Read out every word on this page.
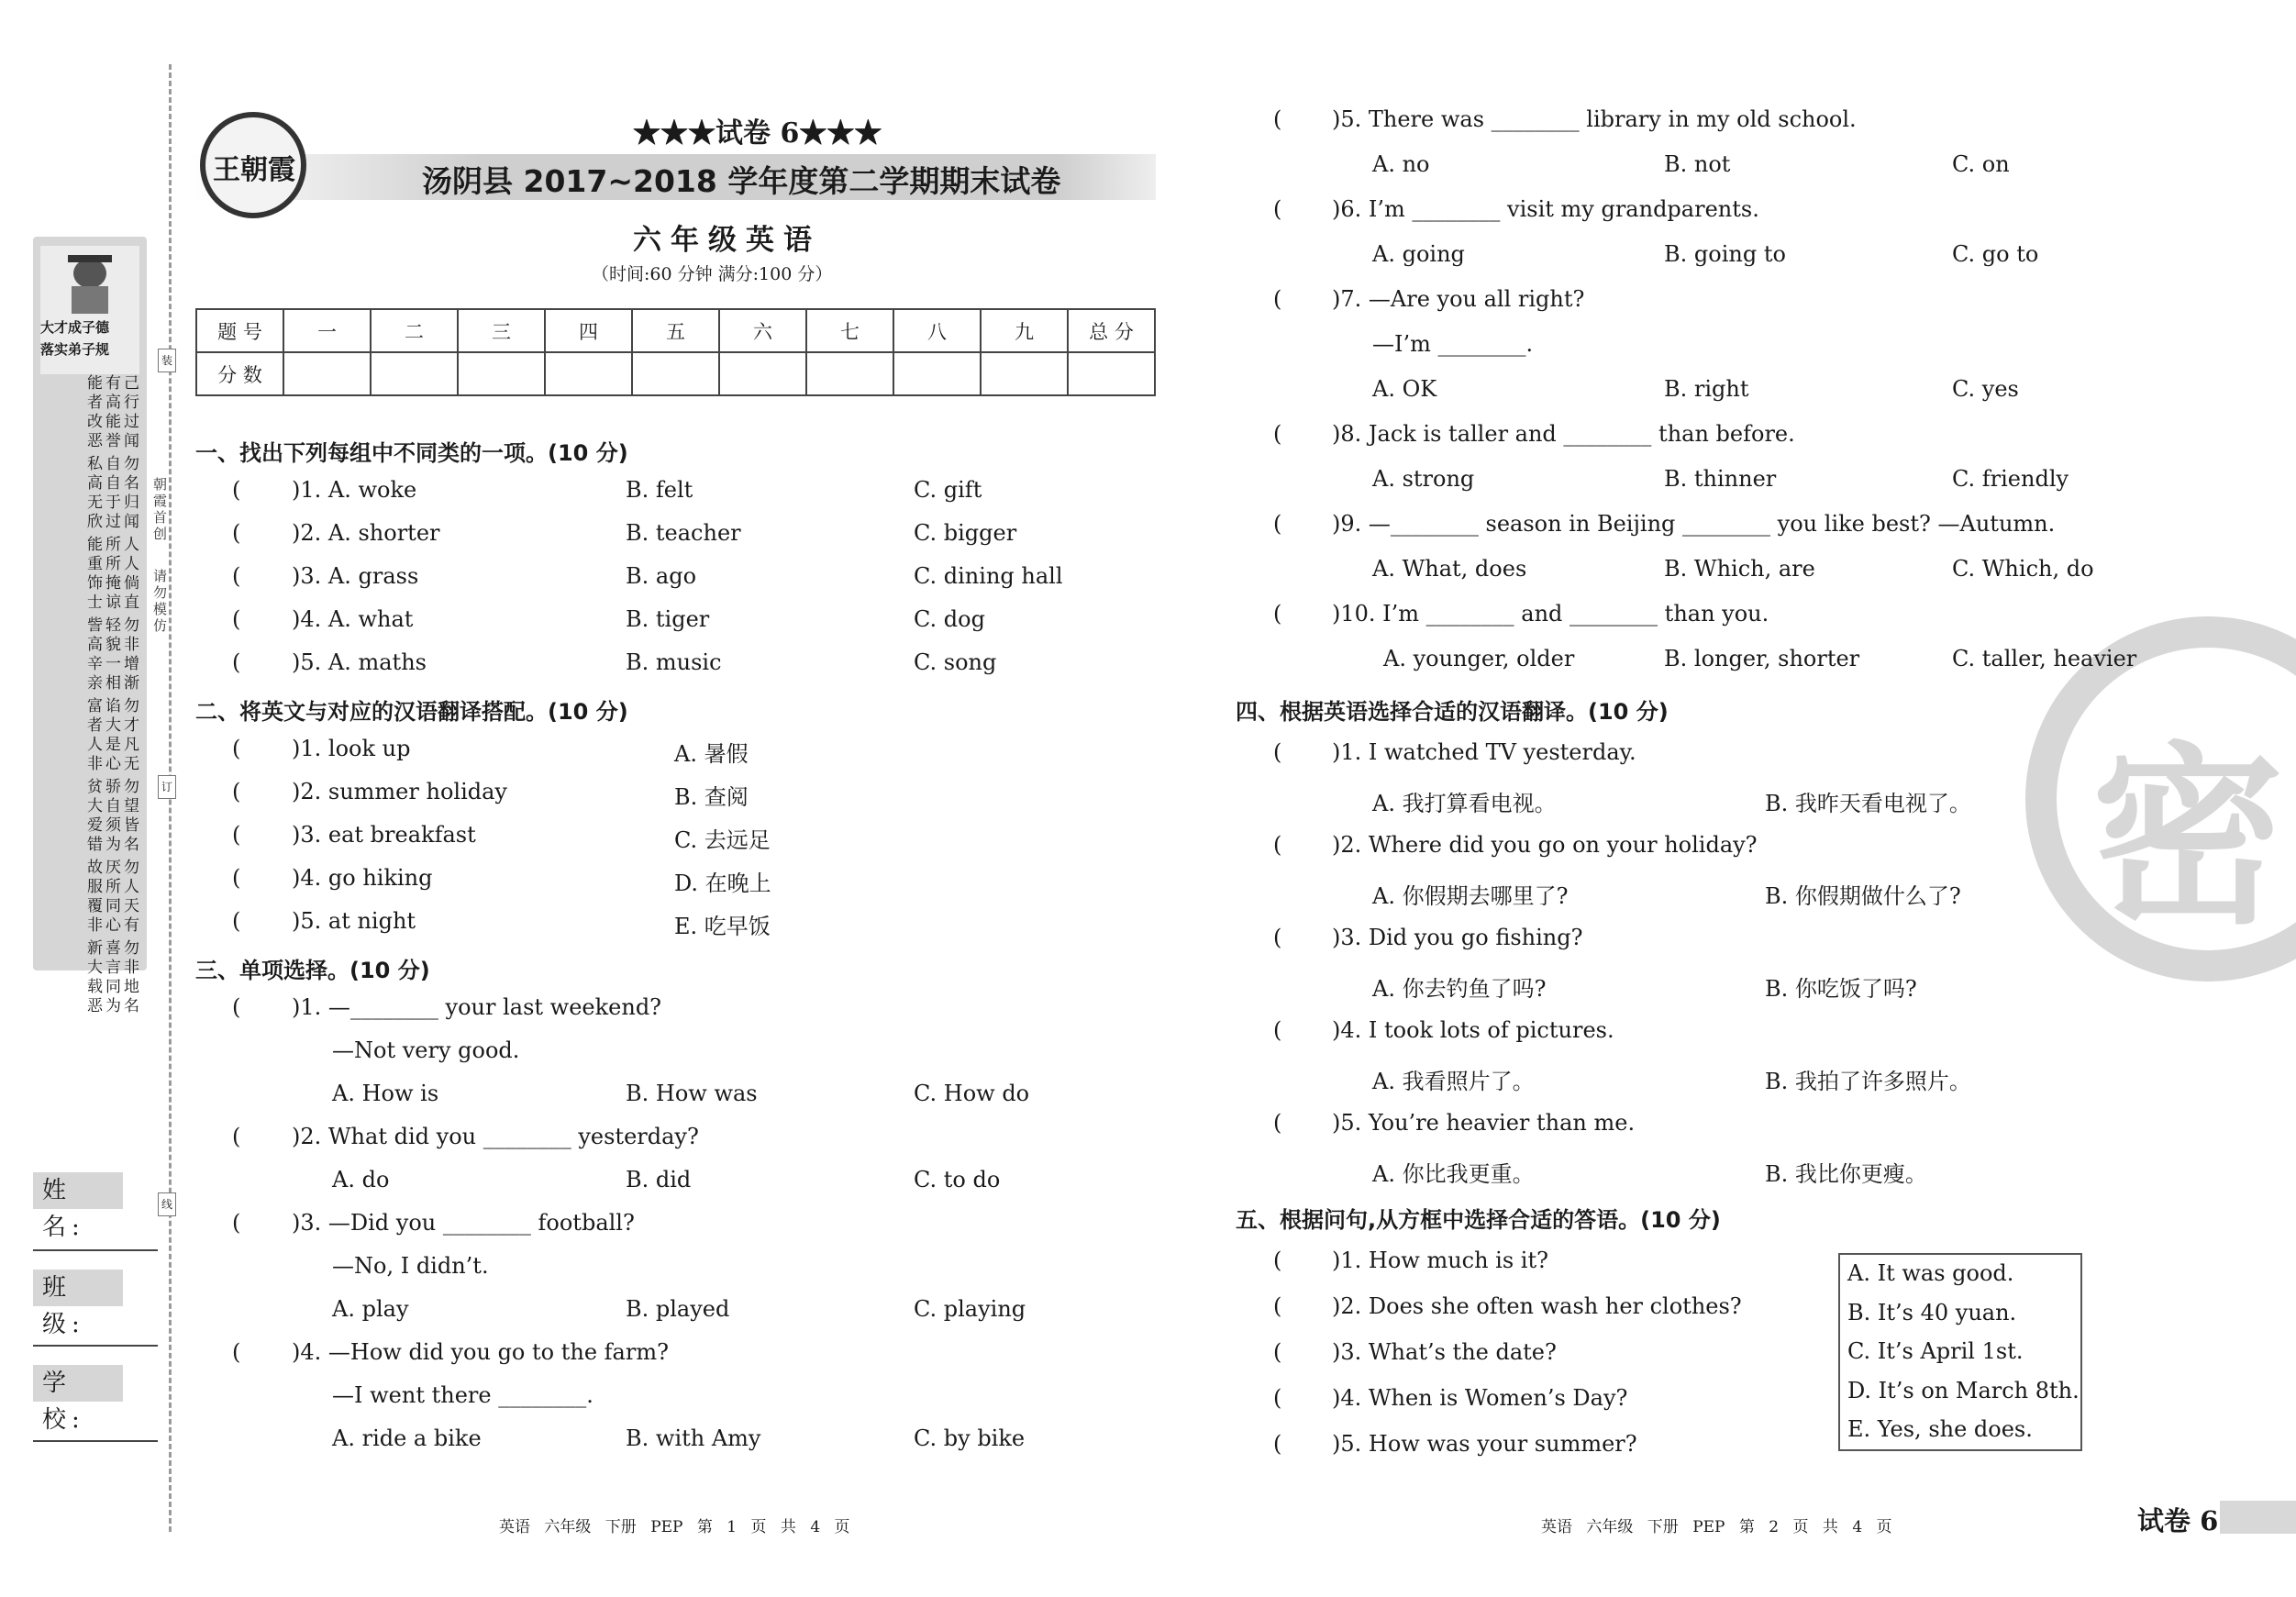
大才成子德
落实弟子规
己行过闻
有高能誉
能者改恶
勿名归闻
自自于过
私高无欣
人人倘直
所所掩谅
能重饰士
勿非增渐
轻貌一相
訾高辛亲
勿才凡无
谄大是心
富者人非
勿望皆名
骄自须为
贫大爱错
勿人天有
厌所同心
故服覆非
勿非地名
喜言同为
新大载恶
朝霞首创
请勿模仿
装
订
线
姓 名:
班 级:
学 校:
王朝霞
★★★试卷 6★★★
汤阴县 2017~2018 学年度第二学期期末试卷
六年级英语
（时间:60 分钟 满分:100 分）
题 号	一	二	三	四	五	六	七	八	九	总 分
分 数										
一、找出下列每组中不同类的一项。(10 分)
( )1. A. woke	B. felt	C. gift
( )2. A. shorter	B. teacher	C. bigger
( )3. A. grass	B. ago	C. dining hall
( )4. A. what	B. tiger	C. dog
( )5. A. maths	B. music	C. song
二、将英文与对应的汉语翻译搭配。(10 分)
( )1. look up	A. 暑假
( )2. summer holiday	B. 查阅
( )3. eat breakfast	C. 去远足
( )4. go hiking	D. 在晚上
( )5. at night	E. 吃早饭
三、单项选择。(10 分)
( )1. —________ your last weekend?
—Not very good.
A. How is	B. How was	C. How do
( )2. What did you ________ yesterday?
A. do	B. did	C. to do
( )3. —Did you ________ football?
—No, I didn’t.
A. play	B. played	C. playing
( )4. —How did you go to the farm?
—I went there ________.
A. ride a bike	B. with Amy	C. by bike
密
( )5. There was ________ library in my old school.
A. no	B. not	C. on
( )6. I’m ________ visit my grandparents.
A. going	B. going to	C. go to
( )7. —Are you all right?
—I’m ________.
A. OK	B. right	C. yes
( )8. Jack is taller and ________ than before.
A. strong	B. thinner	C. friendly
( )9. —________ season in Beijing ________ you like best? —Autumn.
A. What, does	B. Which, are	C. Which, do
( )10. I’m ________ and ________ than you.
A. younger, older	B. longer, shorter	C. taller, heavier
四、根据英语选择合适的汉语翻译。(10 分)
( )1. I watched TV yesterday.
A. 我打算看电视。	B. 我昨天看电视了。
( )2. Where did you go on your holiday?
A. 你假期去哪里了?	B. 你假期做什么了?
( )3. Did you go fishing?
A. 你去钓鱼了吗?	B. 你吃饭了吗?
( )4. I took lots of pictures.
A. 我看照片了。	B. 我拍了许多照片。
( )5. You’re heavier than me.
A. 你比我更重。	B. 我比你更瘦。
五、根据问句,从方框中选择合适的答语。(10 分)
( )1. How much is it?
( )2. Does she often wash her clothes?
( )3. What’s the date?
( )4. When is Women’s Day?
( )5. How was your summer?
A. It was good.
B. It’s 40 yuan.
C. It’s April 1st.
D. It’s on March 8th.
E. Yes, she does.
英语 六年级 下册 PEP 第 1 页 共 4 页	英语 六年级 下册 PEP 第 2 页 共 4 页	试卷 6
